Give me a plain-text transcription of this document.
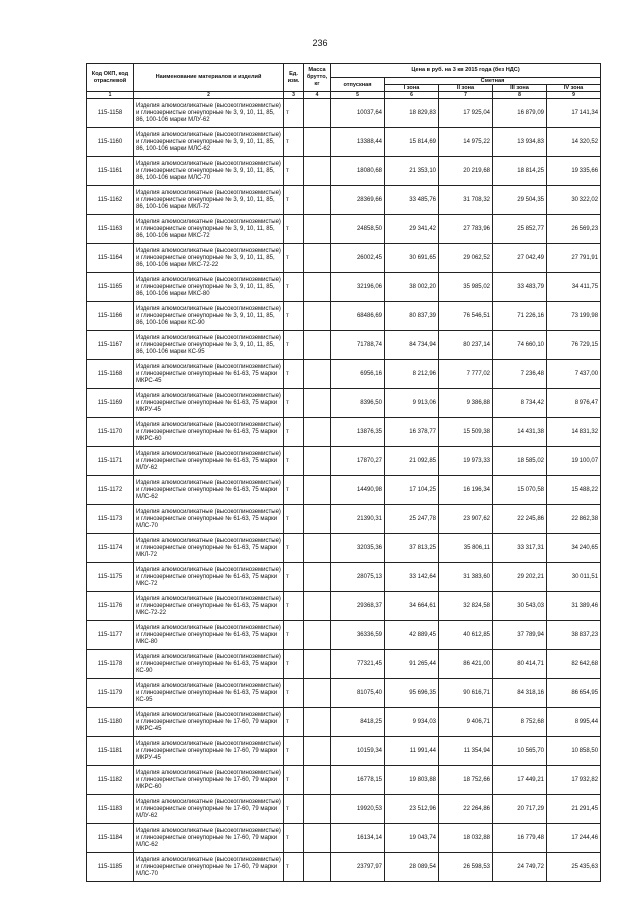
236
Код ОКП, код отраслевой	Наименование материалов и изделий	Ед. изм.	Масса брутто, кг	Цена в руб. на 3 кв 2015 года (без НДС)				
				отпускная	Сметная			
					I зона	II зона	III зона	IV зона
1	2	3	4	5	6	7	8	9
115-1158	Изделия алюмосиликатные (высокоглиноземистые) и глинозернистые огнеупорные № 3, 9, 10, 11, 85, 86, 100-106 марки МЛУ-62	т		10037,64	18 829,83	17 925,04	16 879,09	17 141,34
115-1160	Изделия алюмосиликатные (высокоглиноземистые) и глинозернистые огнеупорные № 3, 9, 10, 11, 85, 86, 100-106 марки МЛС-62	т		13388,44	15 814,69	14 975,22	13 934,83	14 320,52
115-1161	Изделия алюмосиликатные (высокоглиноземистые) и глинозернистые огнеупорные № 3, 9, 10, 11, 85, 86, 100-106 марки МЛС-70	т		18080,68	21 353,10	20 219,68	18 814,25	19 335,66
115-1162	Изделия алюмосиликатные (высокоглиноземистые) и глинозернистые огнеупорные № 3, 9, 10, 11, 85, 86, 100-106 марки МКЛ-72	т		28369,66	33 485,76	31 708,32	29 504,35	30 322,02
115-1163	Изделия алюмосиликатные (высокоглиноземистые) и глинозернистые огнеупорные № 3, 9, 10, 11, 85, 86, 100-106 марки МКС-72	т		24858,50	29 341,42	27 783,96	25 852,77	26 569,23
115-1164	Изделия алюмосиликатные (высокоглиноземистые) и глинозернистые огнеупорные № 3, 9, 10, 11, 85, 86, 100-106 марки МКС-72-22	т		26002,45	30 691,65	29 062,52	27 042,49	27 791,91
115-1165	Изделия алюмосиликатные (высокоглиноземистые) и глинозернистые огнеупорные № 3, 9, 10, 11, 85, 86, 100-106 марки МКС-80	т		32196,06	38 002,20	35 985,02	33 483,79	34 411,75
115-1166	Изделия алюмосиликатные (высокоглиноземистые) и глинозернистые огнеупорные № 3, 9, 10, 11, 85, 86, 100-106 марки КС-90	т		68486,69	80 837,39	76 546,51	71 226,16	73 199,98
115-1167	Изделия алюмосиликатные (высокоглиноземистые) и глинозернистые огнеупорные № 3, 9, 10, 11, 85, 86, 100-106 марки КС-95	т		71788,74	84 734,94	80 237,14	74 660,10	76 729,15
115-1168	Изделия алюмосиликатные (высокоглиноземистые) и глинозернистые огнеупорные № 61-63, 75 марки МКРС-45	т		6956,16	8 212,96	7 777,02	7 236,48	7 437,00
115-1169	Изделия алюмосиликатные (высокоглиноземистые) и глинозернистые огнеупорные № 61-63, 75 марки МКРУ-45	т		8396,50	9 913,06	9 386,88	8 734,42	8 976,47
115-1170	Изделия алюмосиликатные (высокоглиноземистые) и глинозернистые огнеупорные № 61-63, 75 марки МКРС-60	т		13876,35	16 378,77	15 509,38	14 431,38	14 831,32
115-1171	Изделия алюмосиликатные (высокоглиноземистые) и глинозернистые огнеупорные № 61-63, 75 марки МЛУ-62	т		17870,27	21 092,85	19 973,33	18 585,02	19 100,07
115-1172	Изделия алюмосиликатные (высокоглиноземистые) и глинозернистые огнеупорные № 61-63, 75 марки МЛС-62	т		14490,98	17 104,25	16 196,34	15 070,58	15 488,22
115-1173	Изделия алюмосиликатные (высокоглиноземистые) и глинозернистые огнеупорные № 61-63, 75 марки МЛС-70	т		21390,31	25 247,78	23 907,62	22 245,86	22 862,38
115-1174	Изделия алюмосиликатные (высокоглиноземистые) и глинозернистые огнеупорные № 61-63, 75 марки МКЛ-72	т		32035,36	37 813,25	35 806,11	33 317,31	34 240,65
115-1175	Изделия алюмосиликатные (высокоглиноземистые) и глинозернистые огнеупорные № 61-63, 75 марки МКС-72	т		28075,13	33 142,64	31 383,60	29 202,21	30 011,51
115-1176	Изделия алюмосиликатные (высокоглиноземистые) и глинозернистые огнеупорные № 61-63, 75 марки МКС-72-22	т		29368,37	34 664,61	32 824,58	30 543,03	31 389,46
115-1177	Изделия алюмосиликатные (высокоглиноземистые) и глинозернистые огнеупорные № 61-63, 75 марки МКС-80	т		36336,59	42 889,45	40 612,85	37 789,94	38 837,23
115-1178	Изделия алюмосиликатные (высокоглиноземистые) и глинозернистые огнеупорные № 61-63, 75 марки КС-90	т		77321,45	91 265,44	86 421,00	80 414,71	82 642,68
115-1179	Изделия алюмосиликатные (высокоглиноземистые) и глинозернистые огнеупорные № 61-63, 75 марки КС-95	т		81075,40	95 696,35	90 616,71	84 318,16	86 654,95
115-1180	Изделия алюмосиликатные (высокоглиноземистые) и глинозернистые огнеупорные № 17-60, 79 марки МКРС-45	т		8418,25	9 934,03	9 406,71	8 752,68	8 995,44
115-1181	Изделия алюмосиликатные (высокоглиноземистые) и глинозернистые огнеупорные № 17-60, 79 марки МКРУ-45	т		10159,34	11 991,44	11 354,94	10 565,70	10 858,50
115-1182	Изделия алюмосиликатные (высокоглиноземистые) и глинозернистые огнеупорные № 17-60, 79 марки МКРС-60	т		16778,15	19 803,88	18 752,66	17 449,21	17 932,82
115-1183	Изделия алюмосиликатные (высокоглиноземистые) и глинозернистые огнеупорные № 17-60, 79 марки МЛУ-62	т		19920,53	23 512,96	22 264,86	20 717,29	21 291,45
115-1184	Изделия алюмосиликатные (высокоглиноземистые) и глинозернистые огнеупорные № 17-60, 79 марки МЛС-62	т		16134,14	19 043,74	18 032,88	16 779,48	17 244,46
115-1185	Изделия алюмосиликатные (высокоглиноземистые) и глинозернистые огнеупорные № 17-60, 79 марки МЛС-70	т		23797,97	28 089,54	26 598,53	24 749,72	25 435,63
